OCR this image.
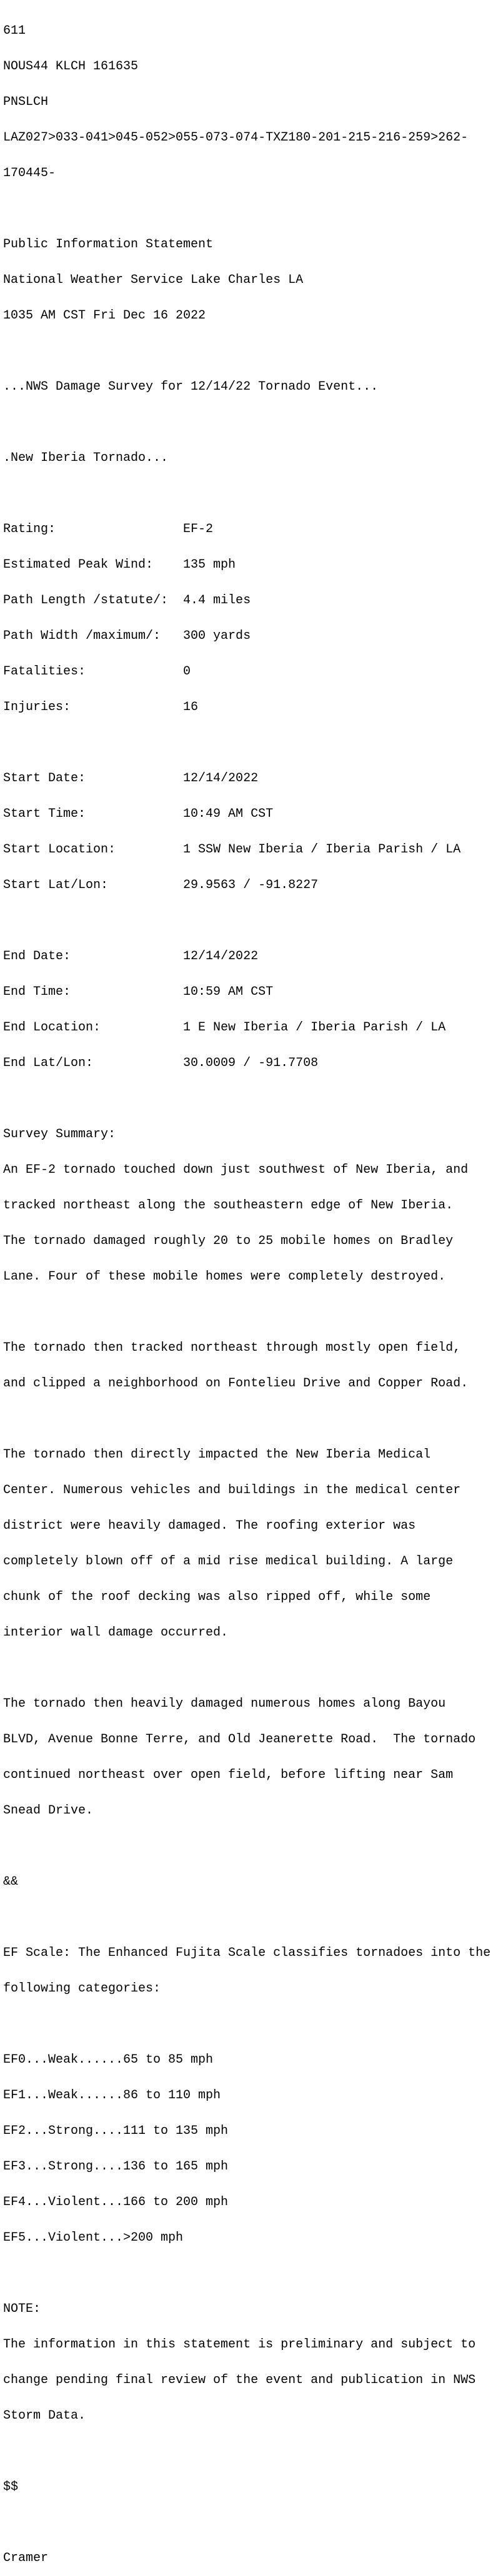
611

NOUS44 KLCH 161635

PNSLCH

LAZ027>033-041>045-052>055-073-074-TXZ180-201-215-216-259>262-

170445-

Public Information Statement

National Weather Service Lake Charles LA

1035 AM CST Fri Dec 16 2022

...NWS Damage Survey for 12/14/22 Tornado Event...

.New Iberia Tornado...

Rating:                 EF-2

Estimated Peak Wind:    135 mph

Path Length /statute/:  4.4 miles

Path Width /maximum/:   300 yards

Fatalities:             0

Injuries:               16

Start Date:             12/14/2022

Start Time:             10:49 AM CST

Start Location:         1 SSW New Iberia / Iberia Parish / LA

Start Lat/Lon:          29.9563 / -91.8227

End Date:               12/14/2022

End Time:               10:59 AM CST

End Location:           1 E New Iberia / Iberia Parish / LA

End Lat/Lon:            30.0009 / -91.7708

Survey Summary:

An EF-2 tornado touched down just southwest of New Iberia, and

tracked northeast along the southeastern edge of New Iberia.

The tornado damaged roughly 20 to 25 mobile homes on Bradley

Lane. Four of these mobile homes were completely destroyed.

The tornado then tracked northeast through mostly open field,

and clipped a neighborhood on Fontelieu Drive and Copper Road.

The tornado then directly impacted the New Iberia Medical

Center. Numerous vehicles and buildings in the medical center

district were heavily damaged. The roofing exterior was

completely blown off of a mid rise medical building. A large

chunk of the roof decking was also ripped off, while some

interior wall damage occurred.

The tornado then heavily damaged numerous homes along Bayou

BLVD, Avenue Bonne Terre, and Old Jeanerette Road.  The tornado

continued northeast over open field, before lifting near Sam

Snead Drive.

&&

EF Scale: The Enhanced Fujita Scale classifies tornadoes into the

following categories:

EF0...Weak......65 to 85 mph

EF1...Weak......86 to 110 mph

EF2...Strong....111 to 135 mph

EF3...Strong....136 to 165 mph

EF4...Violent...166 to 200 mph

EF5...Violent...>200 mph

NOTE:

The information in this statement is preliminary and subject to

change pending final review of the event and publication in NWS

Storm Data.

$$

Cramer
